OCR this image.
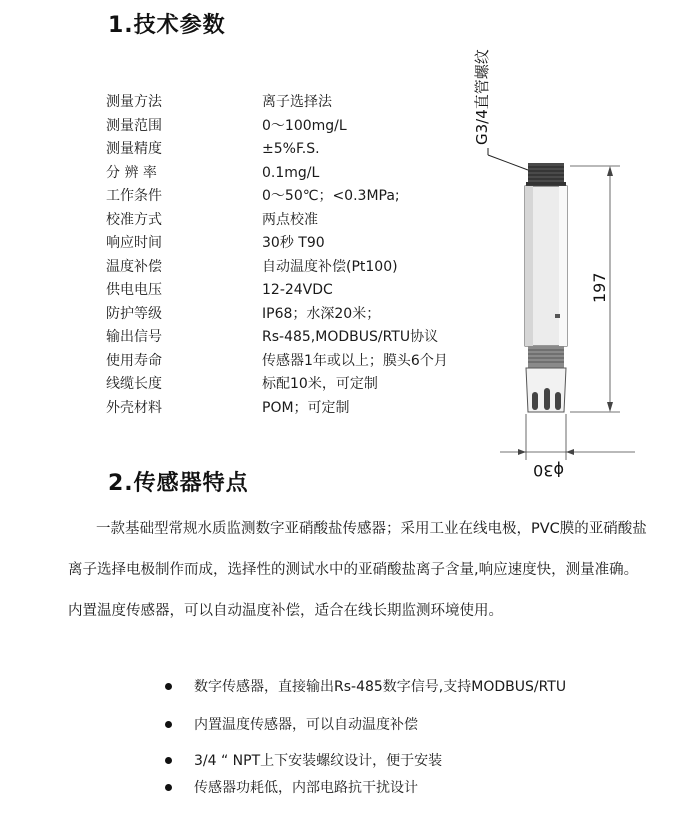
1.技术参数
测量方法	离子选择法
测量范围	0～100mg/L
测量精度	±5%F.S.
分 辨 率	0.1mg/L
工作条件	0～50℃；<0.3MPa;
校准方式	两点校准
响应时间	30秒 T90
温度补偿	自动温度补偿(Pt100)
供电电压	12-24VDC
防护等级	IP68；水深20米；
输出信号	Rs-485,MODBUS/RTU协议
使用寿命	传感器1年或以上；膜头6个月
线缆长度	标配10米，可定制
外壳材料	POM；可定制
G3/4直管螺纹
197
ϕ30
2.传感器特点

一款基础型常规水质监测数字亚硝酸盐传感器；采用工业在线电极，PVC膜的亚硝酸盐离子选择电极制作而成，选择性的测试水中的亚硝酸盐离子含量,响应速度快，测量准确。内置温度传感器，可以自动温度补偿，适合在线长期监测环境使用。

数字传感器，直接输出Rs-485数字信号,支持MODBUS/RTU
内置温度传感器，可以自动温度补偿
3/4 “ NPT上下安装螺纹设计，便于安装
传感器功耗低，内部电路抗干扰设计
